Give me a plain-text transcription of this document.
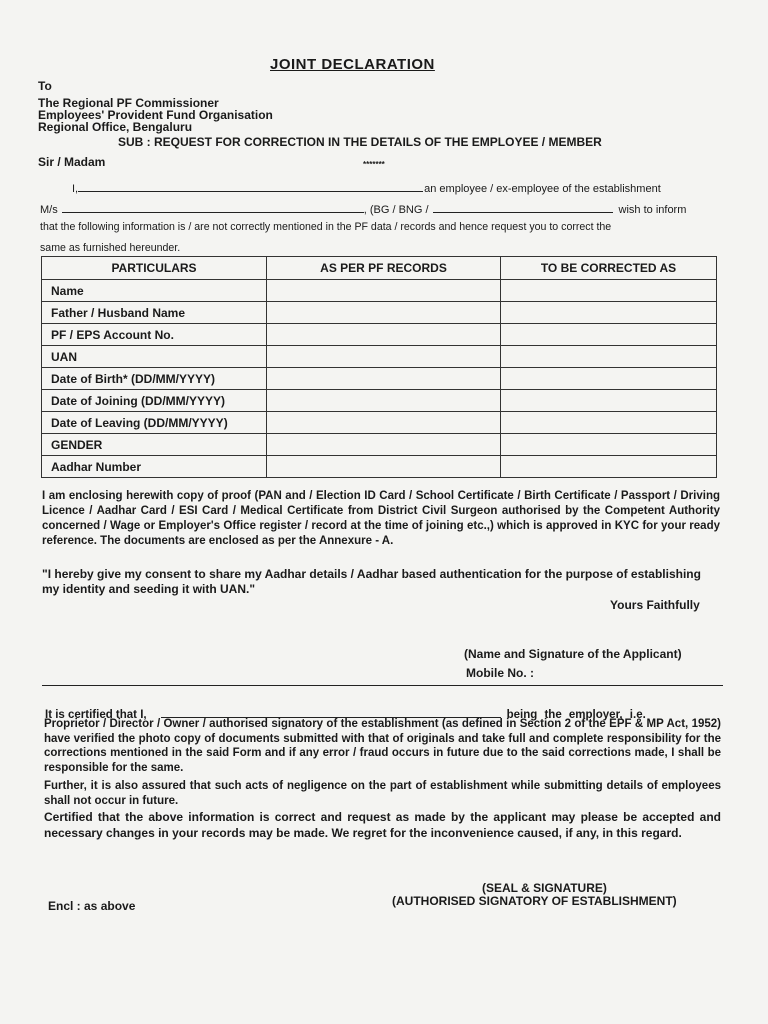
JOINT DECLARATION
To
The Regional PF Commissioner
Employees' Provident Fund Organisation
Regional Office, Bengaluru
SUB : REQUEST FOR CORRECTION IN THE DETAILS OF THE EMPLOYEE / MEMBER
Sir / Madam	*******
I,	an employee / ex-employee of the establishment
M/s	, (BG / BNG /	wish to inform
that the following information is / are not correctly mentioned in the PF data / records and hence request you to correct the
same as furnished hereunder.
PARTICULARS	AS PER PF RECORDS	TO BE CORRECTED AS
Name		
Father / Husband Name		
PF / EPS Account No.		
UAN		
Date of Birth* (DD/MM/YYYY)		
Date of Joining (DD/MM/YYYY)		
Date of Leaving (DD/MM/YYYY)		
GENDER		
Aadhar Number		
I am enclosing herewith copy of proof (PAN and / Election ID Card / School Certificate / Birth Certificate / Passport / Driving Licence / Aadhar Card / ESI Card / Medical Certificate from District Civil Surgeon authorised by the Competent Authority concerned / Wage or Employer's Office register / record at the time of joining etc.,) which is approved in KYC for your ready reference. The documents are enclosed as per the Annexure - A.
"I hereby give my consent to share my Aadhar details / Aadhar based authentication for the purpose of establishing my identity and seeding it with UAN."
Yours Faithfully
(Name and Signature of the Applicant)
Mobile No. :
It is certified that I,	being the employer, i.e.
Proprietor / Director / Owner / authorised signatory of the establishment (as defined in Section 2 of the EPF & MP Act, 1952) have verified the photo copy of documents submitted with that of originals and take full and complete responsibility for the corrections mentioned in the said Form and if any error / fraud occurs in future due to the said corrections made, I shall be responsible for the same.
Further, it is also assured that such acts of negligence on the part of establishment while submitting details of employees shall not occur in future.
Certified that the above information is correct and request as made by the applicant may please be accepted and necessary changes in your records may be made. We regret for the inconvenience caused, if any, in this regard.
(SEAL & SIGNATURE)
(AUTHORISED SIGNATORY OF ESTABLISHMENT)
Encl : as above
